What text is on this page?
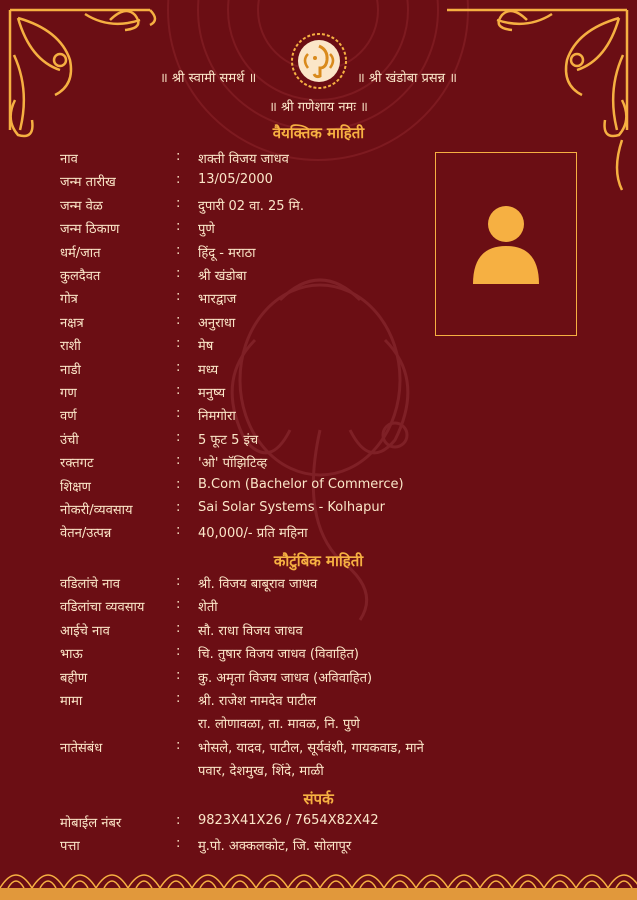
॥ श्री स्वामी समर्थ ॥	॥ श्री खंडोबा प्रसन्न ॥
॥ श्री गणेशाय नमः ॥
वैयक्तिक माहिती
नाव	: शक्ती विजय जाधव
जन्म तारीख	: 13/05/2000
जन्म वेळ	: दुपारी 02 वा. 25 मि.
जन्म ठिकाण	: पुणे
धर्म/जात	: हिंदू - मराठा
कुलदैवत	: श्री खंडोबा
गोत्र	: भारद्वाज
नक्षत्र	: अनुराधा
राशी	: मेष
नाडी	: मध्य
गण	: मनुष्य
वर्ण	: निमगोरा
उंची	: 5 फूट 5 इंच
रक्तगट	: 'ओ' पॉझिटिव्ह
शिक्षण	: B.Com (Bachelor of Commerce)
नोकरी/व्यवसाय	: Sai Solar Systems - Kolhapur
वेतन/उत्पन्न	: 40,000/- प्रति महिना
कौटुंबिक माहिती
वडिलांचे नाव	: श्री. विजय बाबूराव जाधव
वडिलांचा व्यवसाय : शेती
आईचे नाव	: सौ. राधा विजय जाधव
भाऊ	: चि. तुषार विजय जाधव (विवाहित)
बहीण	: कु. अमृता विजय जाधव (अविवाहित)
मामा	: श्री. राजेश नामदेव पाटील
रा. लोणावळा, ता. मावळ, नि. पुणे
नातेसंबंध	: भोसले, यादव, पाटील, सूर्यवंशी, गायकवाड, माने
पवार, देशमुख, शिंदे, माळी
संपर्क
मोबाईल नंबर	: 9823X41X26 / 7654X82X42
पत्ता	: मु.पो. अक्कलकोट, जि. सोलापूर
